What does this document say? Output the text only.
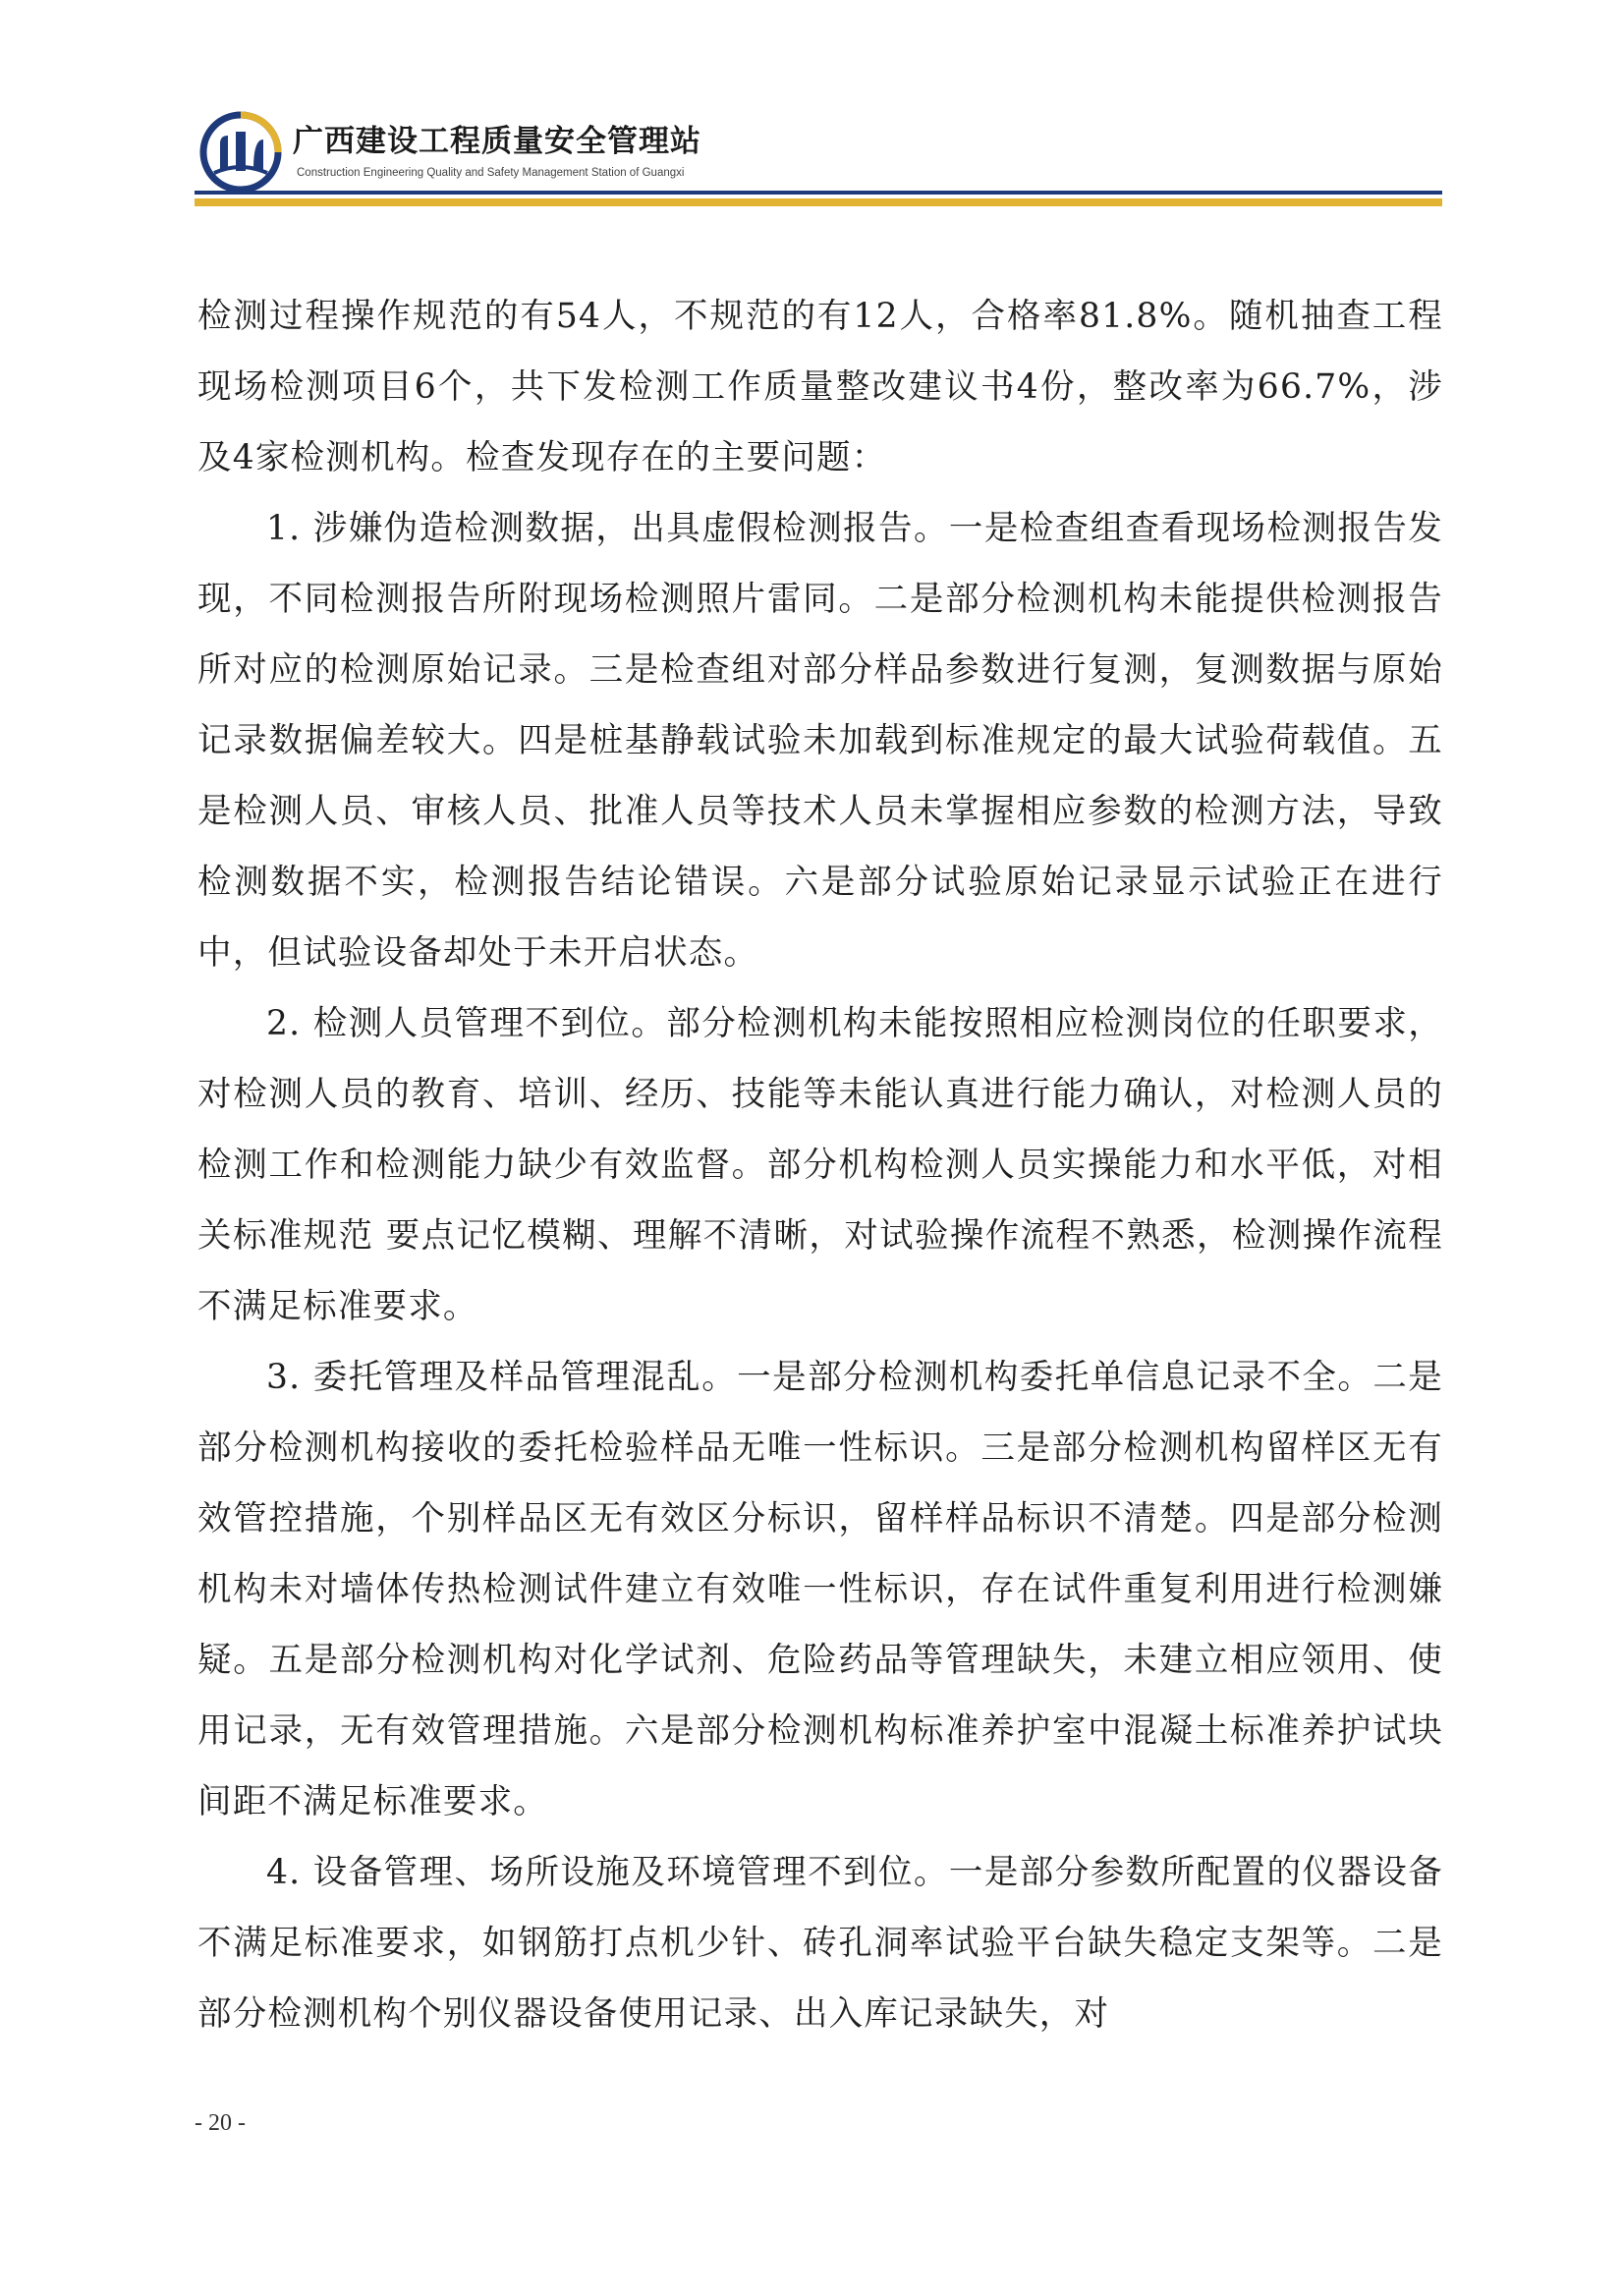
广西建设工程质量安全管理站
Construction Engineering Quality and Safety Management Station of Guangxi

检测过程操作规范的有54人，不规范的有12人，合格率81.8%。随机抽查工程现场检测项目6个，共下发检测工作质量整改建议书4份，整改率为66.7%，涉及4家检测机构。检查发现存在的主要问题：

1. 涉嫌伪造检测数据，出具虚假检测报告。一是检查组查看现场检测报告发现，不同检测报告所附现场检测照片雷同。二是部分检测机构未能提供检测报告所对应的检测原始记录。三是检查组对部分样品参数进行复测，复测数据与原始记录数据偏差较大。四是桩基静载试验未加载到标准规定的最大试验荷载值。五是检测人员、审核人员、批准人员等技术人员未掌握相应参数的检测方法，导致检测数据不实，检测报告结论错误。六是部分试验原始记录显示试验正在进行中，但试验设备却处于未开启状态。

2. 检测人员管理不到位。部分检测机构未能按照相应检测岗位的任职要求，对检测人员的教育、培训、经历、技能等未能认真进行能力确认，对检测人员的检测工作和检测能力缺少有效监督。部分机构检测人员实操能力和水平低，对相关标准规范 要点记忆模糊、理解不清晰，对试验操作流程不熟悉，检测操作流程不满足标准要求。

3. 委托管理及样品管理混乱。一是部分检测机构委托单信息记录不全。二是部分检测机构接收的委托检验样品无唯一性标识。三是部分检测机构留样区无有效管控措施，个别样品区无有效区分标识，留样样品标识不清楚。四是部分检测机构未对墙体传热检测试件建立有效唯一性标识，存在试件重复利用进行检测嫌疑。五是部分检测机构对化学试剂、危险药品等管理缺失，未建立相应领用、使用记录，无有效管理措施。六是部分检测机构标准养护室中混凝土标准养护试块间距不满足标准要求。

4. 设备管理、场所设施及环境管理不到位。一是部分参数所配置的仪器设备不满足标准要求，如钢筋打点机少针、砖孔洞率试验平台缺失稳定支架等。二是部分检测机构个别仪器设备使用记录、出入库记录缺失，对

- 20 -
